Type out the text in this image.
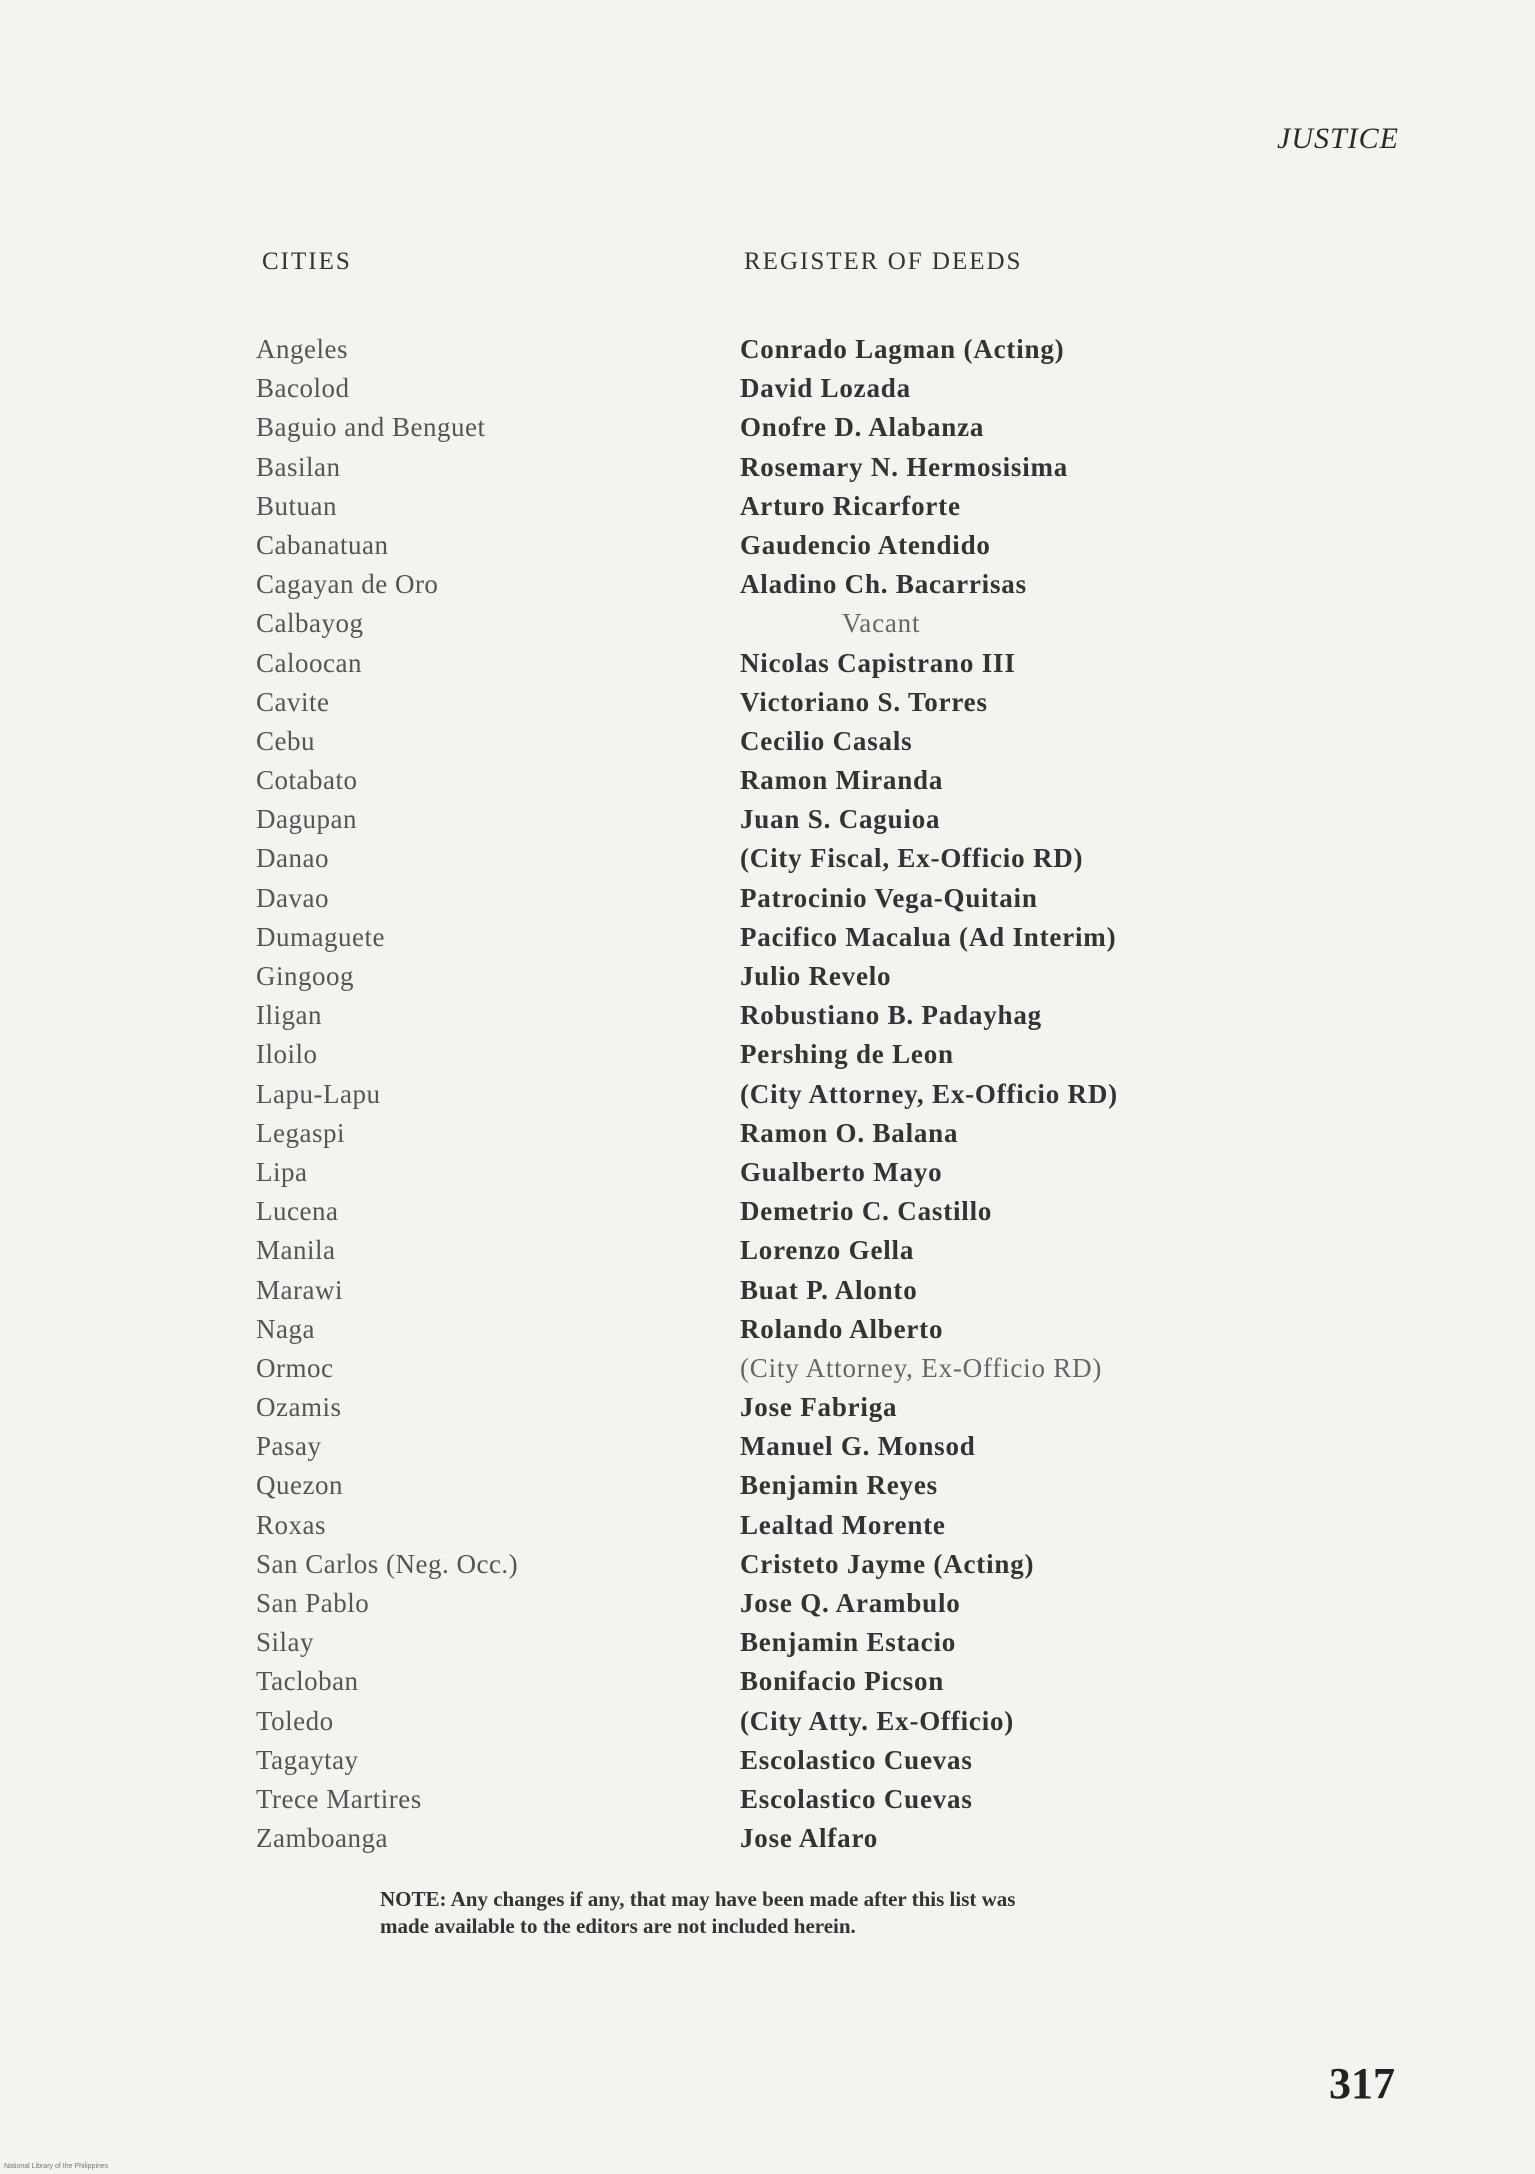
JUSTICE
CITIES	REGISTER OF DEEDS
Angeles
Bacolod
Baguio and Benguet
Basilan
Butuan
Cabanatuan
Cagayan de Oro
Calbayog
Caloocan
Cavite
Cebu
Cotabato
Dagupan
Danao
Davao
Dumaguete
Gingoog
Iligan
Iloilo
Lapu-Lapu
Legaspi
Lipa
Lucena
Manila
Marawi
Naga
Ormoc
Ozamis
Pasay
Quezon
Roxas
San Carlos (Neg. Occ.)
San Pablo
Silay
Tacloban
Toledo
Tagaytay
Trece Martires
Zamboanga
Conrado Lagman (Acting)
David Lozada
Onofre D. Alabanza
Rosemary N. Hermosisima
Arturo Ricarforte
Gaudencio Atendido
Aladino Ch. Bacarrisas
Vacant
Nicolas Capistrano III
Victoriano S. Torres
Cecilio Casals
Ramon Miranda
Juan S. Caguioa
(City Fiscal, Ex-Officio RD)
Patrocinio Vega-Quitain
Pacifico Macalua (Ad Interim)
Julio Revelo
Robustiano B. Padayhag
Pershing de Leon
(City Attorney, Ex-Officio RD)
Ramon O. Balana
Gualberto Mayo
Demetrio C. Castillo
Lorenzo Gella
Buat P. Alonto
Rolando Alberto
(City Attorney, Ex-Officio RD)
Jose Fabriga
Manuel G. Monsod
Benjamin Reyes
Lealtad Morente
Cristeto Jayme (Acting)
Jose Q. Arambulo
Benjamin Estacio
Bonifacio Picson
(City Atty. Ex-Officio)
Escolastico Cuevas
Escolastico Cuevas
Jose Alfaro
NOTE: Any changes if any, that may have been made after this list was made available to the editors are not included herein.
317
National Library of the Philippines
